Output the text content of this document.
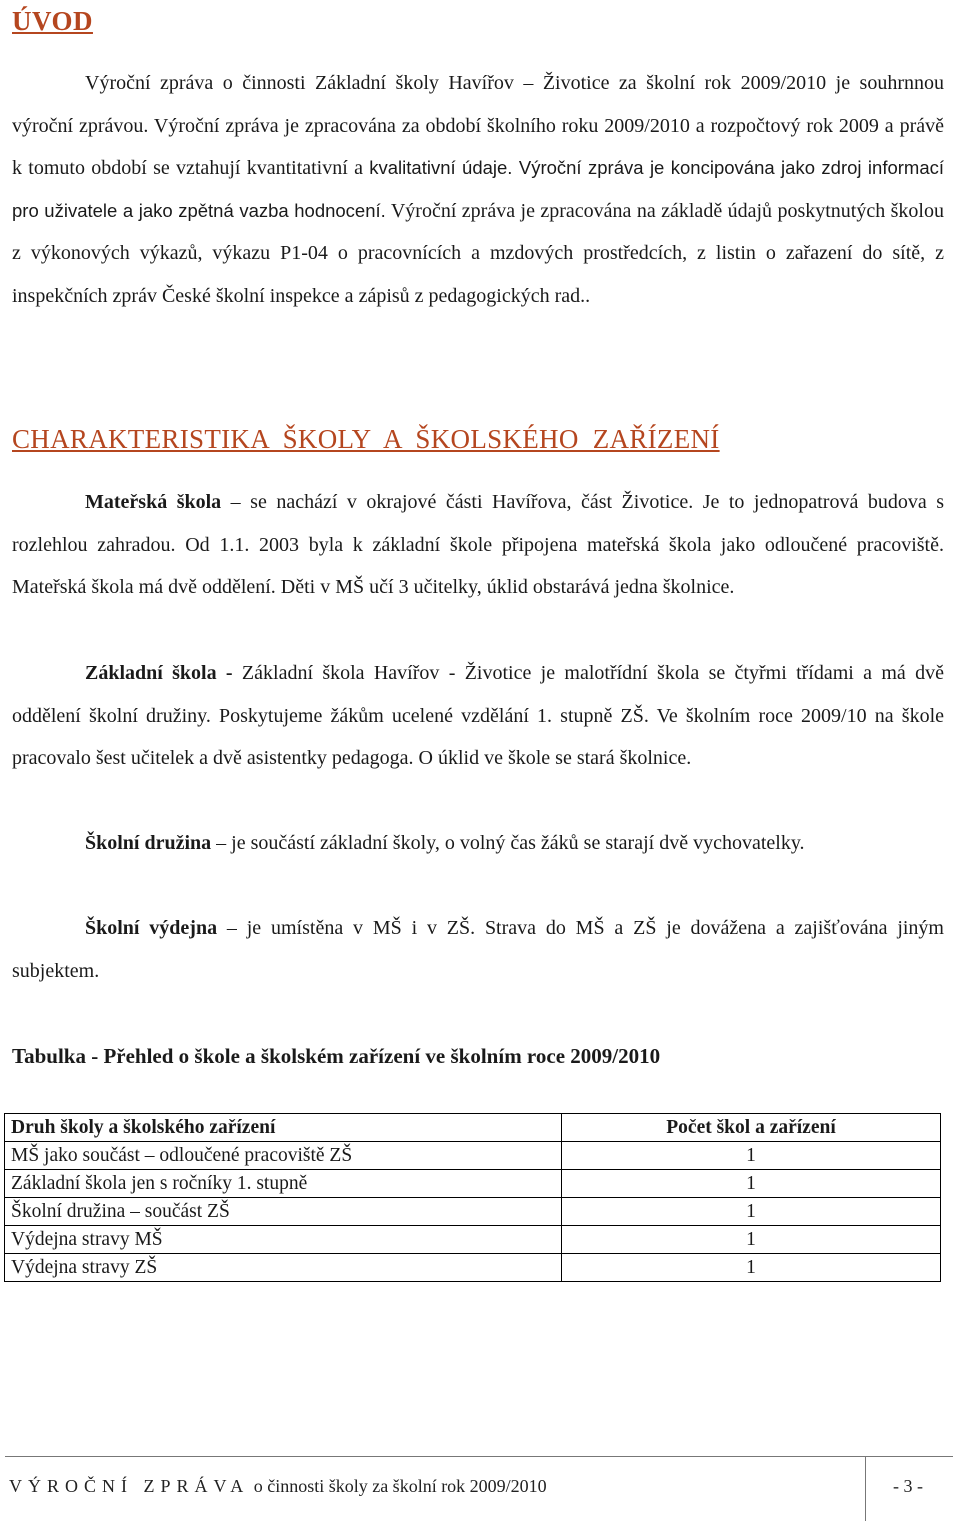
ÚVOD

Výroční zpráva o činnosti Základní školy Havířov – Životice za školní rok 2009/2010 je souhrnnou výroční zprávou. Výroční zpráva je zpracována za období školního roku 2009/2010 a rozpočtový rok 2009 a právě k tomuto období se vztahují kvantitativní a kvalitativní údaje. Výroční zpráva je koncipována jako zdroj informací pro uživatele a jako zpětná vazba hodnocení. Výroční zpráva je zpracována na základě údajů poskytnutých školou z výkonových výkazů, výkazu P1-04 o pracovnících a mzdových prostředcích, z listin o zařazení do sítě, z inspekčních zpráv České školní inspekce a zápisů z pedagogických rad..

CHARAKTERISTIKA  ŠKOLY  A  ŠKOLSKÉHO  ZAŘÍZENÍ

Mateřská škola – se nachází v okrajové části Havířova, část Životice. Je to jednopatrová budova s rozlehlou zahradou. Od 1.1. 2003 byla k základní škole připojena mateřská škola jako odloučené pracoviště. Mateřská škola má dvě oddělení. Děti v MŠ učí 3 učitelky, úklid obstarává jedna školnice.

Základní škola - Základní škola Havířov - Životice je malotřídní škola se čtyřmi třídami a má dvě oddělení školní družiny. Poskytujeme žákům ucelené vzdělání 1. stupně ZŠ. Ve školním roce 2009/10 na škole pracovalo šest učitelek a dvě asistentky pedagoga. O úklid ve škole se stará školnice.

Školní družina – je součástí základní školy, o volný čas žáků se starají dvě vychovatelky.

Školní výdejna – je umístěna v MŠ i v ZŠ. Strava do MŠ a ZŠ je dovážena a zajišťována jiným subjektem.

Tabulka - Přehled o škole a školském zařízení ve školním roce 2009/2010
Druh školy a školského zařízení	Počet škol a zařízení
MŠ jako součást – odloučené pracoviště ZŠ	1
Základní škola jen s ročníky 1. stupně	1
Školní družina – součást ZŠ	1
Výdejna stravy MŠ	1
Výdejna stravy ZŠ	1
VÝROČNÍ ZPRÁVA o činnosti školy za školní rok 2009/2010	- 3 -
